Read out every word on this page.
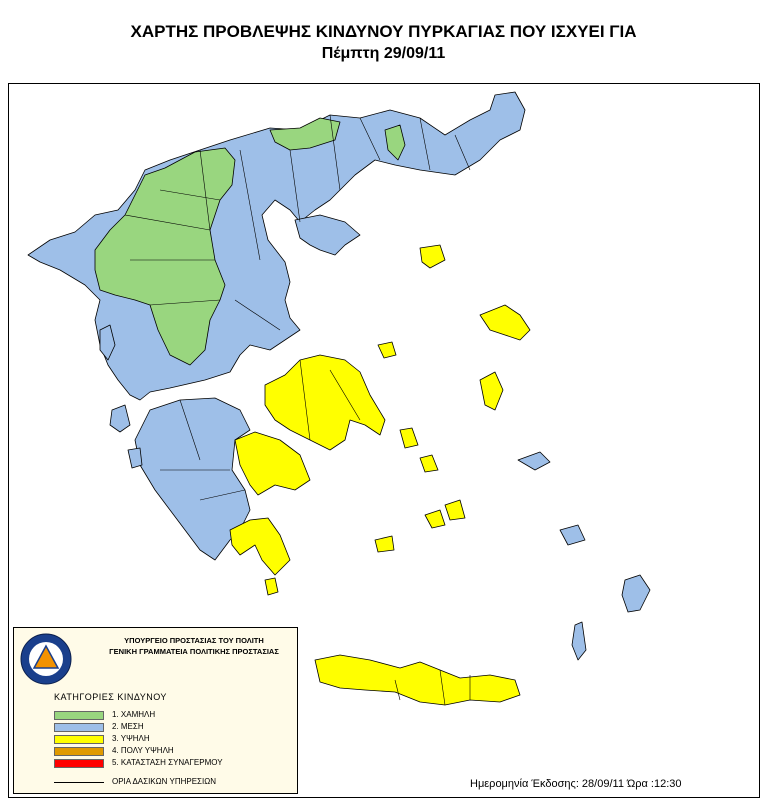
ΧΑΡΤΗΣ ΠΡΟΒΛΕΨΗΣ ΚΙΝΔΥΝΟΥ ΠΥΡΚΑΓΙΑΣ ΠΟΥ ΙΣΧΥΕΙ ΓΙΑ
Πέμπτη 29/09/11
ΥΠΟΥΡΓΕΙΟ ΠΡΟΣΤΑΣΙΑΣ ΤΟΥ ΠΟΛΙΤΗ
ΓΕΝΙΚΗ ΓΡΑΜΜΑΤΕΙΑ ΠΟΛΙΤΙΚΗΣ ΠΡΟΣΤΑΣΙΑΣ
ΚΑΤΗΓΟΡΙΕΣ ΚΙΝΔΥΝΟΥ
1. ΧΑΜΗΛΗ
2. ΜΕΣΗ
3. ΥΨΗΛΗ
4. ΠΟΛΥ ΥΨΗΛΗ
5. ΚΑΤΑΣΤΑΣΗ ΣΥΝΑΓΕΡΜΟΥ
ΟΡΙΑ ΔΑΣΙΚΩΝ ΥΠΗΡΕΣΙΩΝ	Ημερομηνία Έκδοσης: 28/09/11 Ώρα :12:30
